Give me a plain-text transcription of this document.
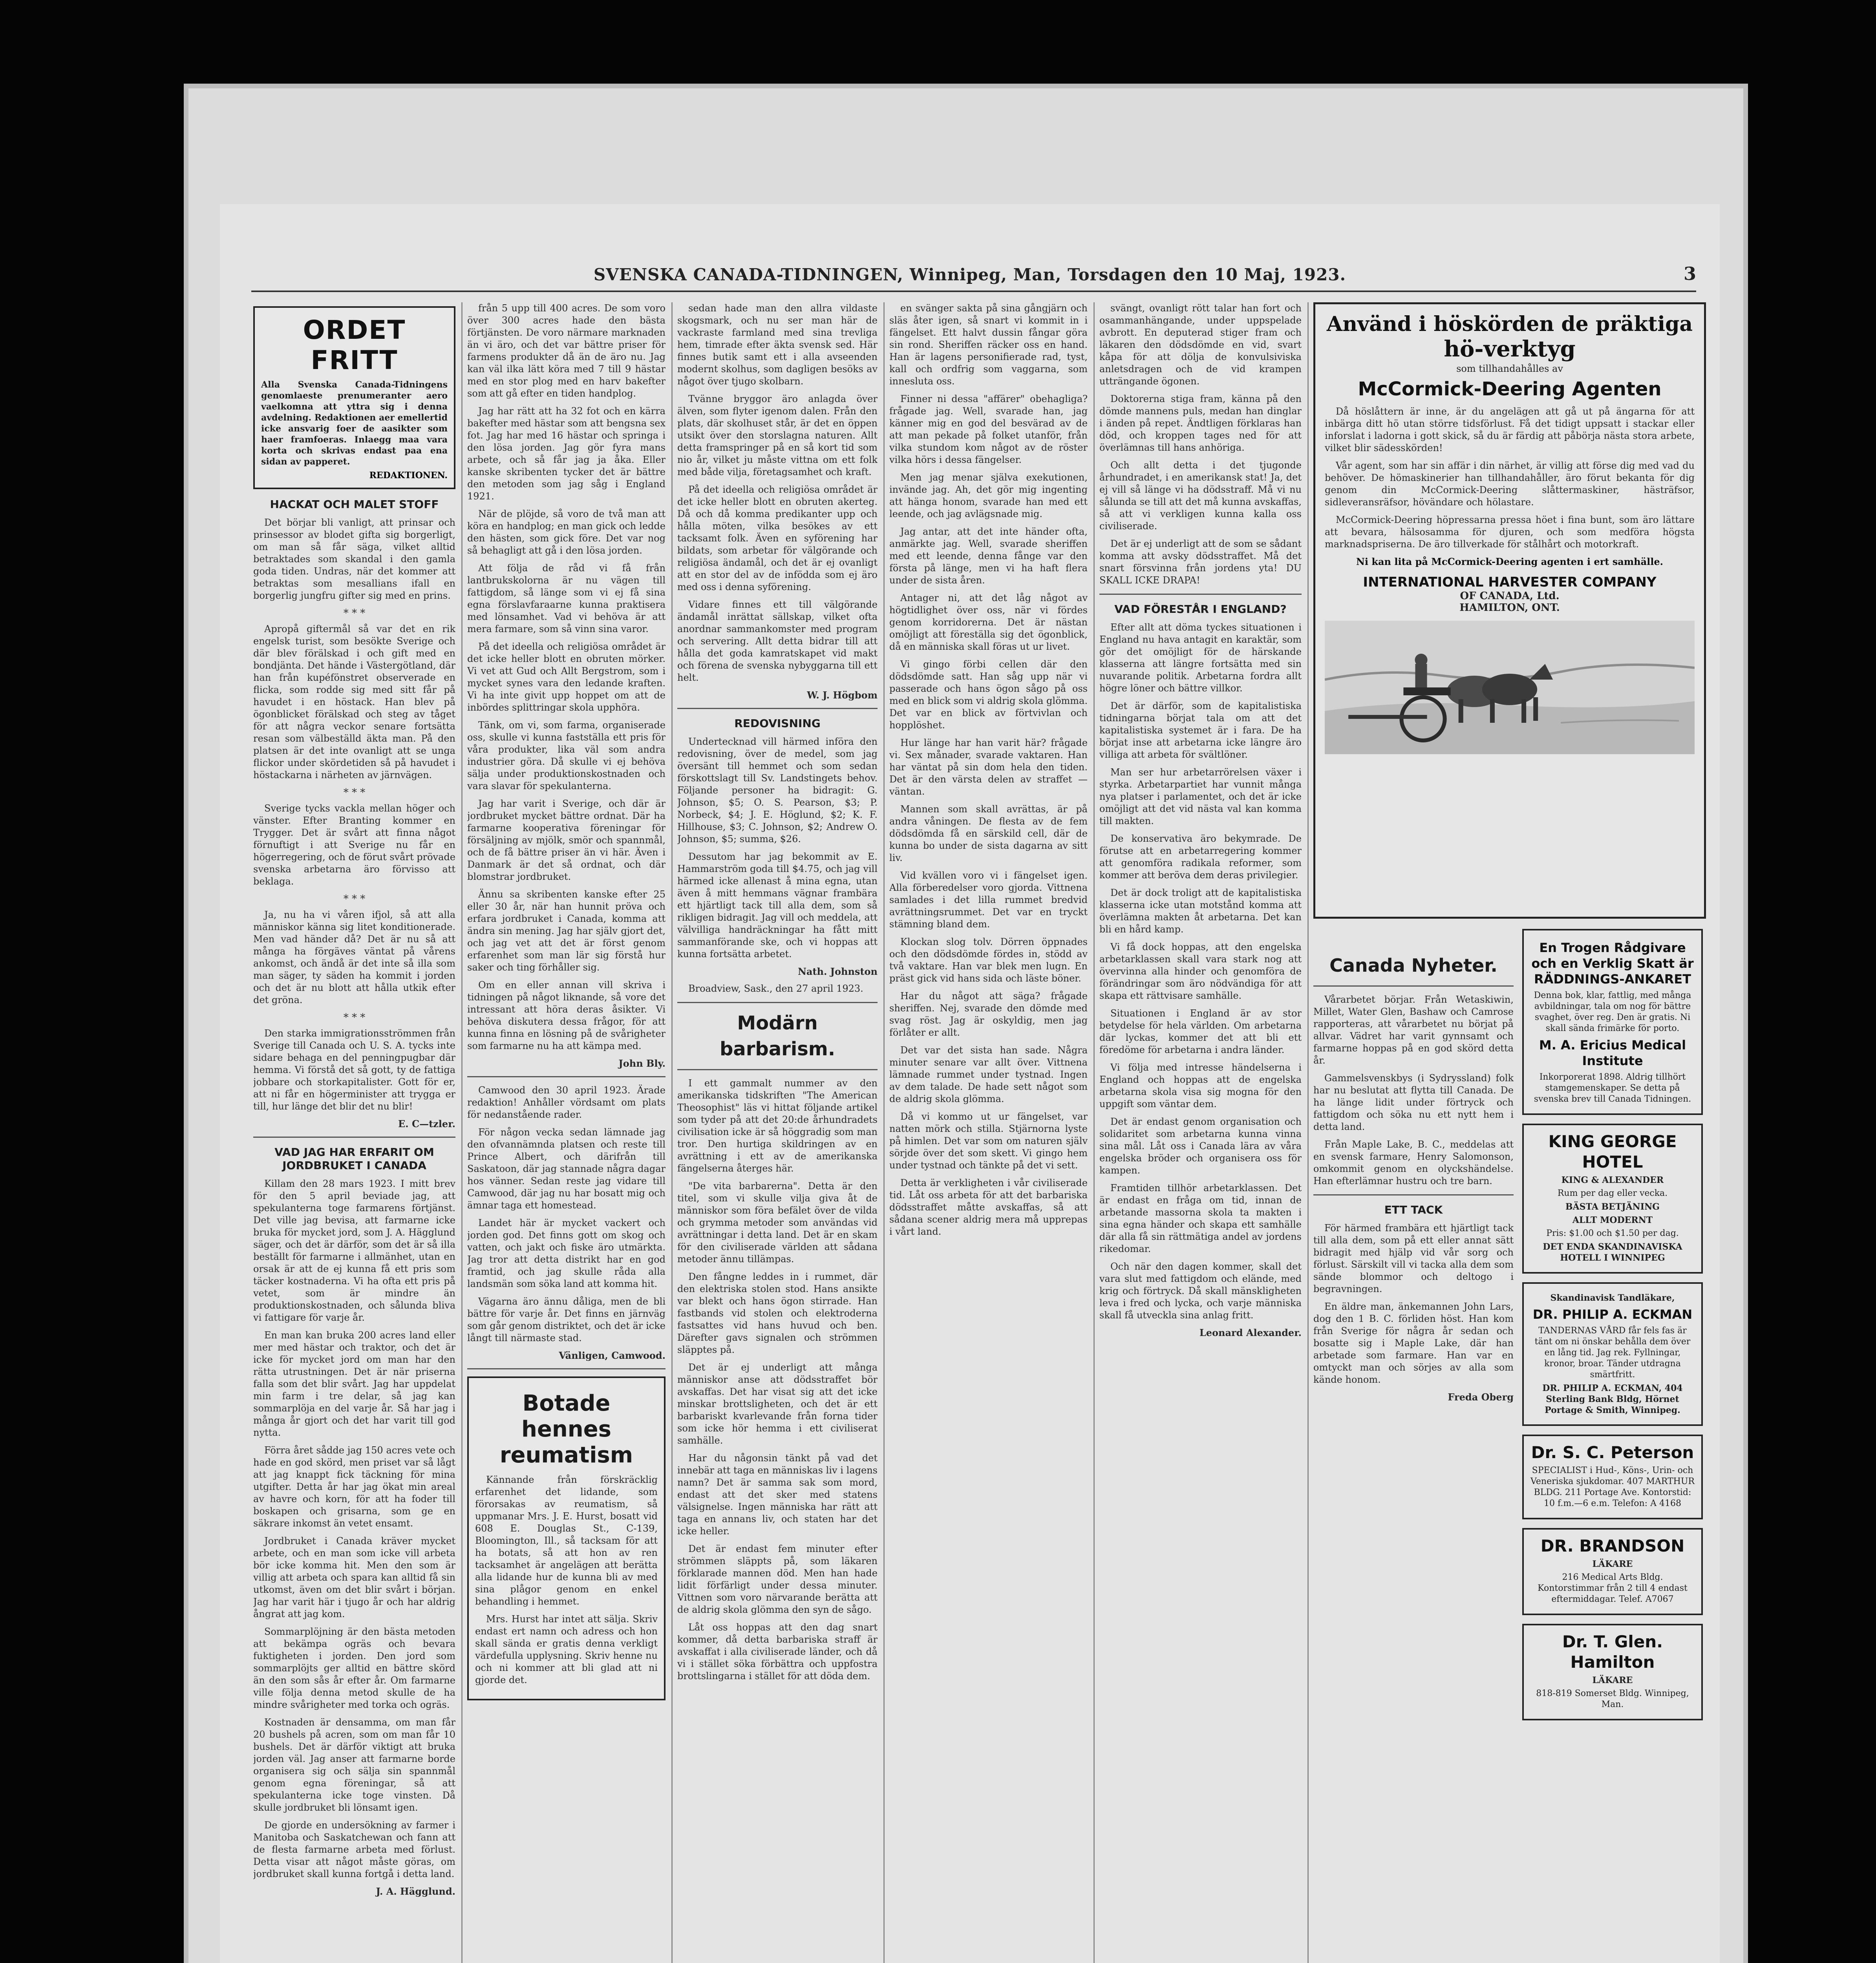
SVENSKA CANADA-TIDNINGEN, Winnipeg, Man, Torsdagen den 10 Maj, 1923.	3
ORDET FRITT
Alla Svenska Canada-Tidningens genomlaeste prenumeranter aero vaelkomna att yttra sig i denna avdelning. Redaktionen aer emellertid icke ansvarig foer de aasikter som haer framfoeras. Inlaegg maa vara korta och skrivas endast paa ena sidan av papperet.
REDAKTIONEN.
HACKAT OCH MALET STOFF

Det börjar bli vanligt, att prinsar och prinsessor av blodet gifta sig borgerligt, om man så får säga, vilket alltid betraktades som skandal i den gamla goda tiden. Undras, när det kommer att betraktas som mesallians ifall en borgerlig jungfru gifter sig med en prins.

* * *

Apropå giftermål så var det en rik engelsk turist, som besökte Sverige och där blev förälskad i och gift med en bondjänta. Det hände i Västergötland, där han från kupéfönstret observerade en flicka, som rodde sig med sitt får på havudet i en höstack. Han blev på ögonblicket förälskad och steg av tåget för att några veckor senare fortsätta resan som välbeställd äkta man. På den platsen är det inte ovanligt att se unga flickor under skördetiden så på havudet i höstackarna i närheten av järnvägen.

* * *

Sverige tycks vackla mellan höger och vänster. Efter Branting kommer en Trygger. Det är svårt att finna något förnuftigt i att Sverige nu får en högerregering, och de förut svårt prövade svenska arbetarna äro förvisso att beklaga.

* * *

Ja, nu ha vi våren ifjol, så att alla människor känna sig litet konditionerade. Men vad händer då? Det är nu så att många ha förgäves väntat på vårens ankomst, och ändå är det inte så illa som man säger, ty säden ha kommit i jorden och det är nu blott att hålla utkik efter det gröna.

* * *

Den starka immigrationsströmmen från Sverige till Canada och U. S. A. tycks inte sidare behaga en del penningpugbar där hemma. Vi förstå det så gott, ty de fattiga jobbare och storkapitalister. Gott för er, att ni får en högerminister att trygga er till, hur länge det blir det nu blir!

E. C—tzler.
VAD JAG HAR ERFARIT OM JORDBRUKET I CANADA

Killam den 28 mars 1923. I mitt brev för den 5 april beviade jag, att spekulanterna toge farmarens förtjänst. Det ville jag bevisa, att farmarne icke bruka för mycket jord, som J. A. Hägglund säger, och det är därför, som det är så illa beställt för farmarne i allmänhet, utan en orsak är att de ej kunna få ett pris som täcker kostnaderna. Vi ha ofta ett pris på vetet, som är mindre än produktionskostnaden, och sålunda bliva vi fattigare för varje år.

En man kan bruka 200 acres land eller mer med hästar och traktor, och det är icke för mycket jord om man har den rätta utrustningen. Det är när priserna falla som det blir svårt. Jag har uppdelat min farm i tre delar, så jag kan sommarplöja en del varje år. Så har jag i många år gjort och det har varit till god nytta.

Förra året sådde jag 150 acres vete och hade en god skörd, men priset var så lågt att jag knappt fick täckning för mina utgifter. Detta år har jag ökat min areal av havre och korn, för att ha foder till boskapen och grisarna, som ge en säkrare inkomst än vetet ensamt.

Jordbruket i Canada kräver mycket arbete, och en man som icke vill arbeta bör icke komma hit. Men den som är villig att arbeta och spara kan alltid få sin utkomst, även om det blir svårt i början. Jag har varit här i tjugo år och har aldrig ångrat att jag kom.

Sommarplöjning är den bästa metoden att bekämpa ogräs och bevara fuktigheten i jorden. Den jord som sommarplöjts ger alltid en bättre skörd än den som sås år efter år. Om farmarne ville följa denna metod skulle de ha mindre svårigheter med torka och ogräs.

Kostnaden är densamma, om man får 20 bushels på acren, som om man får 10 bushels. Det är därför viktigt att bruka jorden väl. Jag anser att farmarne borde organisera sig och sälja sin spannmål genom egna föreningar, så att spekulanterna icke toge vinsten. Då skulle jordbruket bli lönsamt igen.

De gjorde en undersökning av farmer i Manitoba och Saskatchewan och fann att de flesta farmarne arbeta med förlust. Detta visar att något måste göras, om jordbruket skall kunna fortgå i detta land.

J. A. Hägglund.

från 5 upp till 400 acres. De som voro över 300 acres hade den bästa förtjänsten. De voro närmare marknaden än vi äro, och det var bättre priser för farmens produkter då än de äro nu. Jag kan väl ilka lätt köra med 7 till 9 hästar med en stor plog med en harv bakefter som att gå efter en tiden handplog.

Jag har rätt att ha 32 fot och en kärra bakefter med hästar som att bengsna sex fot. Jag har med 16 hästar och springa i den lösa jorden. Jag gör fyra mans arbete, och så får jag ja åka. Eller kanske skribenten tycker det är bättre den metoden som jag såg i England 1921.

När de plöjde, så voro de två man att köra en handplog; en man gick och ledde den hästen, som gick före. Det var nog så behagligt att gå i den lösa jorden.

Att följa de råd vi få från lantbrukskolorna är nu vägen till fattigdom, så länge som vi ej få sina egna förslavfaraarne kunna praktisera med lönsamhet. Vad vi behöva är att mera farmare, som så vinn sina varor.

På det ideella och religiösa området är det icke heller blott en obruten mörker. Vi vet att Gud och Allt Bergstrom, som i mycket synes vara den ledande kraften. Vi ha inte givit upp hoppet om att de inbördes splittringar skola upphöra.

Tänk, om vi, som farma, organiserade oss, skulle vi kunna fastställa ett pris för våra produkter, lika väl som andra industrier göra. Då skulle vi ej behöva sälja under produktionskostnaden och vara slavar för spekulanterna.

Jag har varit i Sverige, och där är jordbruket mycket bättre ordnat. Där ha farmarne kooperativa föreningar för försäljning av mjölk, smör och spannmål, och de få bättre priser än vi här. Även i Danmark är det så ordnat, och där blomstrar jordbruket.

Ännu sa skribenten kanske efter 25 eller 30 år, när han hunnit pröva och erfara jordbruket i Canada, komma att ändra sin mening. Jag har själv gjort det, och jag vet att det är först genom erfarenhet som man lär sig förstå hur saker och ting förhåller sig.

Om en eller annan vill skriva i tidningen på något liknande, så vore det intressant att höra deras åsikter. Vi behöva diskutera dessa frågor, för att kunna finna en lösning på de svårigheter som farmarne nu ha att kämpa med.

John Bly.

Camwood den 30 april 1923. Ärade redaktion! Anhåller vördsamt om plats för nedanstående rader.

För någon vecka sedan lämnade jag den ofvannämnda platsen och reste till Prince Albert, och därifrån till Saskatoon, där jag stannade några dagar hos vänner. Sedan reste jag vidare till Camwood, där jag nu har bosatt mig och ämnar taga ett homestead.

Landet här är mycket vackert och jorden god. Det finns gott om skog och vatten, och jakt och fiske äro utmärkta. Jag tror att detta distrikt har en god framtid, och jag skulle råda alla landsmän som söka land att komma hit.

Vägarna äro ännu dåliga, men de bli bättre för varje år. Det finns en järnväg som går genom distriktet, och det är icke långt till närmaste stad.

Vänligen, Camwood.
Botade hennes reumatism

Kännande från förskräcklig erfarenhet det lidande, som förorsakas av reumatism, så uppmanar Mrs. J. E. Hurst, bosatt vid 608 E. Douglas St., C-139, Bloomington, Ill., så tacksam för att ha botats, så att hon av ren tacksamhet är angelägen att berätta alla lidande hur de kunna bli av med sina plågor genom en enkel behandling i hemmet.

Mrs. Hurst har intet att sälja. Skriv endast ert namn och adress och hon skall sända er gratis denna verkligt värdefulla upplysning. Skriv henne nu och ni kommer att bli glad att ni gjorde det.

sedan hade man den allra vildaste skogsmark, och nu ser man här de vackraste farmland med sina trevliga hem, timrade efter äkta svensk sed. Här finnes butik samt ett i alla avseenden modernt skolhus, som dagligen besöks av något över tjugo skolbarn.

Tvänne bryggor äro anlagda över älven, som flyter igenom dalen. Från den plats, där skolhuset står, är det en öppen utsikt över den storslagna naturen. Allt detta framspringer på en så kort tid som nio år, vilket ju måste vittna om ett folk med både vilja, företagsamhet och kraft.

På det ideella och religiösa området är det icke heller blott en obruten akerteg. Då och då komma predikanter upp och hålla möten, vilka besökes av ett tacksamt folk. Även en syförening har bildats, som arbetar för välgörande och religiösa ändamål, och det är ej ovanligt att en stor del av de infödda som ej äro med oss i denna syförening.

Vidare finnes ett till välgörande ändamål inrättat sällskap, vilket ofta anordnar sammankomster med program och servering. Allt detta bidrar till att hålla det goda kamratskapet vid makt och förena de svenska nybyggarna till ett helt.

W. J. Högbom
REDOVISNING

Undertecknad vill härmed införa den redovisning, över de medel, som jag översänt till hemmet och som sedan förskottslagt till Sv. Landstingets behov. Följande personer ha bidragit: G. Johnson, $5; O. S. Pearson, $3; P. Norbeck, $4; J. E. Höglund, $2; K. F. Hillhouse, $3; C. Johnson, $2; Andrew O. Johnson, $5; summa, $26.

Dessutom har jag bekommit av E. Hammarström goda till $4.75, och jag vill härmed icke allenast å mina egna, utan även å mitt hemmans vägnar frambära ett hjärtligt tack till alla dem, som så rikligen bidragit. Jag vill och meddela, att välvilliga handräckningar ha fått mitt sammanförande ske, och vi hoppas att kunna fortsätta arbetet.

Nath. Johnston

Broadview, Sask., den 27 april 1923.

Modärn barbarism.

I ett gammalt nummer av den amerikanska tidskriften "The American Theosophist" läs vi hittat följande artikel som tyder på att det 20:de århundradets civilisation icke är så höggradig som man tror. Den hurtiga skildringen av en avrättning i ett av de amerikanska fängelserna återges här.

"De vita barbarerna". Detta är den titel, som vi skulle vilja giva åt de människor som föra befälet över de vilda och grymma metoder som användas vid avrättningar i detta land. Det är en skam för den civiliserade världen att sådana metoder ännu tillämpas.

Den fångne leddes in i rummet, där den elektriska stolen stod. Hans ansikte var blekt och hans ögon stirrade. Han fastbands vid stolen och elektroderna fastsattes vid hans huvud och ben. Därefter gavs signalen och strömmen släpptes på.

Det är ej underligt att många människor anse att dödsstraffet bör avskaffas. Det har visat sig att det icke minskar brottsligheten, och det är ett barbariskt kvarlevande från forna tider som icke hör hemma i ett civiliserat samhälle.

Har du någonsin tänkt på vad det innebär att taga en människas liv i lagens namn? Det är samma sak som mord, endast att det sker med statens välsignelse. Ingen människa har rätt att taga en annans liv, och staten har det icke heller.

Det är endast fem minuter efter strömmen släppts på, som läkaren förklarade mannen död. Men han hade lidit förfärligt under dessa minuter. Vittnen som voro närvarande berätta att de aldrig skola glömma den syn de sågo.

Låt oss hoppas att den dag snart kommer, då detta barbariska straff är avskaffat i alla civiliserade länder, och då vi i stället söka förbättra och uppfostra brottslingarna i stället för att döda dem.

en svänger sakta på sina gångjärn och släs åter igen, så snart vi kommit in i fängelset. Ett halvt dussin fångar göra sin rond. Sheriffen räcker oss en hand. Han är lagens personifierade rad, tyst, kall och ordfrig som vaggarna, som innesluta oss.

Finner ni dessa "affärer" obehagliga? frågade jag. Well, svarade han, jag känner mig en god del besvärad av de att man pekade på folket utanför, från vilka stundom kom något av de röster vilka hörs i dessa fängelser.

Men jag menar själva exekutionen, invände jag. Ah, det gör mig ingenting att hänga honom, svarade han med ett leende, och jag avlägsnade mig.

Jag antar, att det inte händer ofta, anmärkte jag. Well, svarade sheriffen med ett leende, denna fånge var den första på länge, men vi ha haft flera under de sista åren.

Antager ni, att det låg något av högtidlighet över oss, när vi fördes genom korridorerna. Det är nästan omöjligt att föreställa sig det ögonblick, då en människa skall föras ut ur livet.

Vi gingo förbi cellen där den dödsdömde satt. Han såg upp när vi passerade och hans ögon sågo på oss med en blick som vi aldrig skola glömma. Det var en blick av förtvivlan och hopplöshet.

Hur länge har han varit här? frågade vi. Sex månader, svarade vaktaren. Han har väntat på sin dom hela den tiden. Det är den värsta delen av straffet — väntan.

Mannen som skall avrättas, är på andra våningen. De flesta av de fem dödsdömda få en särskild cell, där de kunna bo under de sista dagarna av sitt liv.

Vid kvällen voro vi i fängelset igen. Alla förberedelser voro gjorda. Vittnena samlades i det lilla rummet bredvid avrättningsrummet. Det var en tryckt stämning bland dem.

Klockan slog tolv. Dörren öppnades och den dödsdömde fördes in, stödd av två vaktare. Han var blek men lugn. En präst gick vid hans sida och läste böner.

Har du något att säga? frågade sheriffen. Nej, svarade den dömde med svag röst. Jag är oskyldig, men jag förlåter er allt.

Det var det sista han sade. Några minuter senare var allt över. Vittnena lämnade rummet under tystnad. Ingen av dem talade. De hade sett något som de aldrig skola glömma.

Då vi kommo ut ur fängelset, var natten mörk och stilla. Stjärnorna lyste på himlen. Det var som om naturen själv sörjde över det som skett. Vi gingo hem under tystnad och tänkte på det vi sett.

Detta är verkligheten i vår civiliserade tid. Låt oss arbeta för att det barbariska dödsstraffet måtte avskaffas, så att sådana scener aldrig mera må upprepas i vårt land.

svängt, ovanligt rött talar han fort och osammanhängande, under uppspelade avbrott. En deputerad stiger fram och läkaren den dödsdömde en vid, svart kåpa för att dölja de konvulsiviska anletsdragen och de vid krampen utträngande ögonen.

Doktorerna stiga fram, känna på den dömde mannens puls, medan han dinglar i änden på repet. Ändtligen förklaras han död, och kroppen tages ned för att överlämnas till hans anhöriga.

Och allt detta i det tjugonde århundradet, i en amerikansk stat! Ja, det ej vill så länge vi ha dödsstraff. Må vi nu sålunda se till att det må kunna avskaffas, så att vi verkligen kunna kalla oss civiliserade.

Det är ej underligt att de som se sådant komma att avsky dödsstraffet. Må det snart försvinna från jordens yta! DU SKALL ICKE DRAPA!

VAD FÖRESTÅR I ENGLAND?

Efter allt att döma tyckes situationen i England nu hava antagit en karaktär, som gör det omöjligt för de härskande klasserna att längre fortsätta med sin nuvarande politik. Arbetarna fordra allt högre löner och bättre villkor.

Det är därför, som de kapitalistiska tidningarna börjat tala om att det kapitalistiska systemet är i fara. De ha börjat inse att arbetarna icke längre äro villiga att arbeta för svältlöner.

Man ser hur arbetarrörelsen växer i styrka. Arbetarpartiet har vunnit många nya platser i parlamentet, och det är icke omöjligt att det vid nästa val kan komma till makten.

De konservativa äro bekymrade. De förutse att en arbetarregering kommer att genomföra radikala reformer, som kommer att beröva dem deras privilegier.

Det är dock troligt att de kapitalistiska klasserna icke utan motstånd komma att överlämna makten åt arbetarna. Det kan bli en hård kamp.

Vi få dock hoppas, att den engelska arbetarklassen skall vara stark nog att övervinna alla hinder och genomföra de förändringar som äro nödvändiga för att skapa ett rättvisare samhälle.

Situationen i England är av stor betydelse för hela världen. Om arbetarna där lyckas, kommer det att bli ett föredöme för arbetarna i andra länder.

Vi följa med intresse händelserna i England och hoppas att de engelska arbetarna skola visa sig mogna för den uppgift som väntar dem.

Det är endast genom organisation och solidaritet som arbetarna kunna vinna sina mål. Låt oss i Canada lära av våra engelska bröder och organisera oss för kampen.

Framtiden tillhör arbetarklassen. Det är endast en fråga om tid, innan de arbetande massorna skola ta makten i sina egna händer och skapa ett samhälle där alla få sin rättmätiga andel av jordens rikedomar.

Och när den dagen kommer, skall det vara slut med fattigdom och elände, med krig och förtryck. Då skall mänskligheten leva i fred och lycka, och varje människa skall få utveckla sina anlag fritt.

Leonard Alexander.
Använd i höskörden de präktiga
hö-verktyg
som tillhandahålles av
McCormick-Deering Agenten

Då höslåttern är inne, är du angelägen att gå ut på ängarna för att inbärga ditt hö utan större tidsförlust. Få det tidigt uppsatt i stackar eller inforslat i ladorna i gott skick, så du är färdig att påbörja nästa stora arbete, vilket blir sädesskörden!

Vår agent, som har sin affär i din närhet, är villig att förse dig med vad du behöver. De hömaskinerier han tillhandahåller, äro förut bekanta för dig genom din McCormick-Deering slåttermaskiner, hästräfsor, sidleveransräfsor, hövändare och hölastare.

McCormick-Deering höpressarna pressa höet i fina bunt, som äro lättare att bevara, hälsosamma för djuren, och som medföra högsta marknadspriserna. De äro tillverkade för stålhårt och motorkraft.

Ni kan lita på McCormick-Deering agenten i ert samhälle.
INTERNATIONAL HARVESTER COMPANY
OF CANADA, Ltd.
HAMILTON, ONT.
Canada Nyheter.

Vårarbetet börjar. Från Wetaskiwin, Millet, Water Glen, Bashaw och Camrose rapporteras, att vårarbetet nu börjat på allvar. Vädret har varit gynnsamt och farmarne hoppas på en god skörd detta år.

Gammelsvenskbys (i Sydryssland) folk har nu beslutat att flytta till Canada. De ha länge lidit under förtryck och fattigdom och söka nu ett nytt hem i detta land.

Från Maple Lake, B. C., meddelas att en svensk farmare, Henry Salomonson, omkommit genom en olyckshändelse. Han efterlämnar hustru och tre barn.

ETT TACK

För härmed frambära ett hjärtligt tack till alla dem, som på ett eller annat sätt bidragit med hjälp vid vår sorg och förlust. Särskilt vill vi tacka alla dem som sände blommor och deltogo i begravningen.

En äldre man, änkemannen John Lars, dog den 1 B. C. förliden höst. Han kom från Sverige för några år sedan och bosatte sig i Maple Lake, där han arbetade som farmare. Han var en omtyckt man och sörjes av alla som kände honom.

Freda Oberg
En Trogen Rådgivare och en Verklig Skatt är RÄDDNINGS-ANKARET
Denna bok, klar, fattlig, med många avbildningar, tala om nog för bättre svaghet, över reg. Den är gratis. Ni skall sända frimärke för porto.
M. A. Ericius Medical Institute
Inkorporerat 1898. Aldrig tillhört stamgemenskaper. Se detta på svenska brev till Canada Tidningen.
KING GEORGE HOTEL
KING & ALEXANDER
Rum per dag eller vecka.
BÄSTA BETJÄNING
ALLT MODERNT
Pris: $1.00 och $1.50 per dag.
DET ENDA SKANDINAVISKA HOTELL I WINNIPEG
Skandinavisk Tandläkare,
DR. PHILIP A. ECKMAN
TANDERNAS VÅRD får fels fas är tänt om ni önskar behålla dem över en lång tid. Jag rek. Fyllningar, kronor, broar. Tänder utdragna smärtfritt.
DR. PHILIP A. ECKMAN, 404 Sterling Bank Bldg, Hörnet Portage & Smith, Winnipeg.
Dr. S. C. Peterson
SPECIALIST i Hud-, Köns-, Urin- och Veneriska sjukdomar. 407 MARTHUR BLDG. 211 Portage Ave. Kontorstid: 10 f.m.—6 e.m. Telefon: A 4168
DR. BRANDSON
LÄKARE
216 Medical Arts Bldg. Kontorstimmar från 2 till 4 endast eftermiddagar. Telef. A7067
Dr. T. Glen. Hamilton
LÄKARE
818-819 Somerset Bldg. Winnipeg, Man.
